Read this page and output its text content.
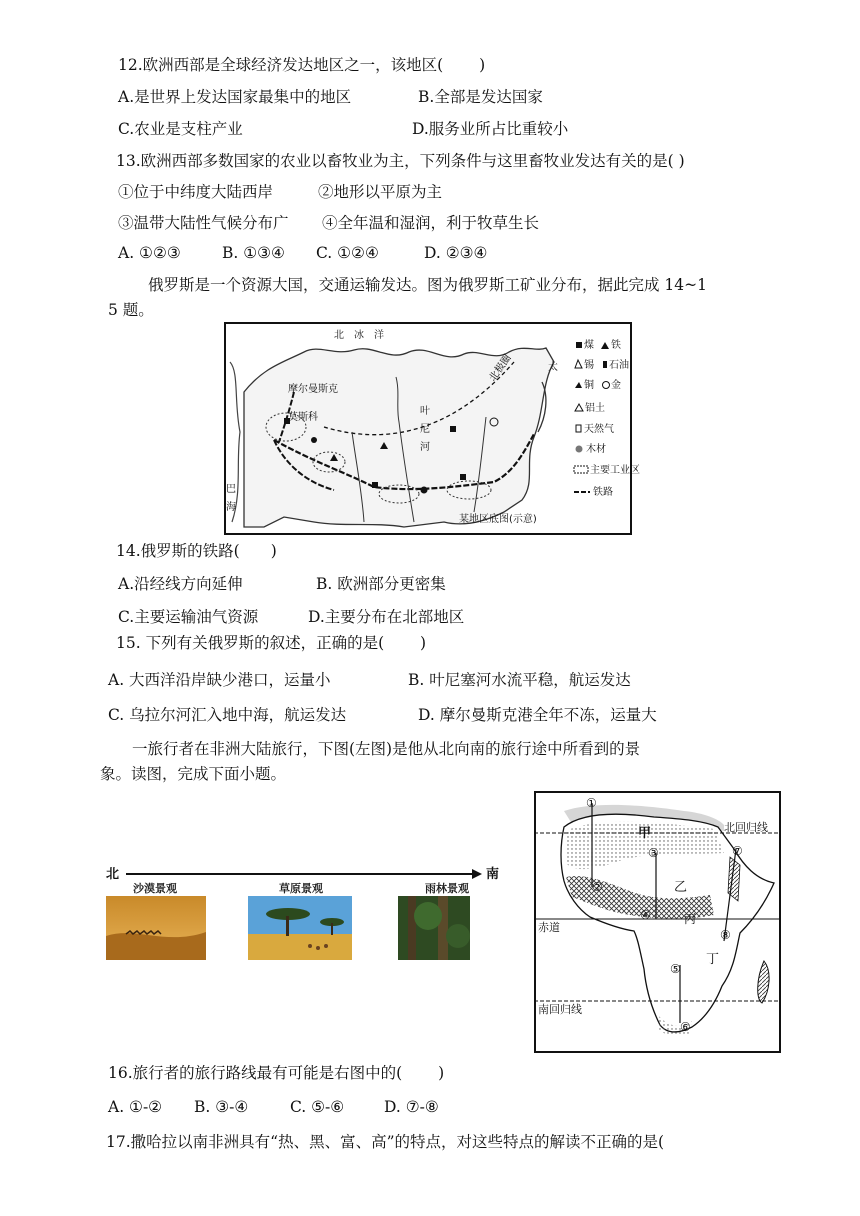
12.欧洲西部是全球经济发达地区之一，该地区(　　 )
A.是世界上发达国家最集中的地区	B.全部是发达国家
C.农业是支柱产业	D.服务业所占比重较小
13.欧洲西部多数国家的农业以畜牧业为主，下列条件与这里畜牧业发达有关的是( )
①位于中纬度大陆西岸	②地形以平原为主
③温带大陆性气候分布广 ④全年温和湿润，利于牧草生长
A. ①②③	B. ①③④ C. ①②④	D. ②③④
俄罗斯是一个资源大国，交通运输发达。图为俄罗斯工矿业分布，据此完成 14~1
5 题。
北　冰　洋
太
摩尔曼斯克
莫斯科
北极圈
叶
尼
河
巴
海
某地区底图(示意)
煤 铁
锡 石油
铜 金
铝土
天然气
木材
主要工业区
铁路
14.俄罗斯的铁路(　　)
A.沿经线方向延伸	B. 欧洲部分更密集
C.主要运输油气资源	D.主要分布在北部地区
15. 下列有关俄罗斯的叙述，正确的是(　　 )
A. 大西洋沿岸缺少港口，运量小	B. 叶尼塞河水流平稳，航运发达
C. 乌拉尔河汇入地中海，航运发达	D. 摩尔曼斯克港全年不冻，运量大
一旅行者在非洲大陆旅行，下图(左图)是他从北向南的旅行途中所看到的景
象。读图，完成下面小题。
北	南
沙漠景观	草原景观	雨林景观
甲
乙
丙
丁
①
②
③
④
⑤
⑥
⑦
⑧
北回归线
赤道
南回归线
16.旅行者的旅行路线最有可能是右图中的(　　 )
A. ①-② B. ③-④	C. ⑤-⑥	D. ⑦-⑧
17.撒哈拉以南非洲具有“热、黑、富、高”的特点，对这些特点的解读不正确的是(
